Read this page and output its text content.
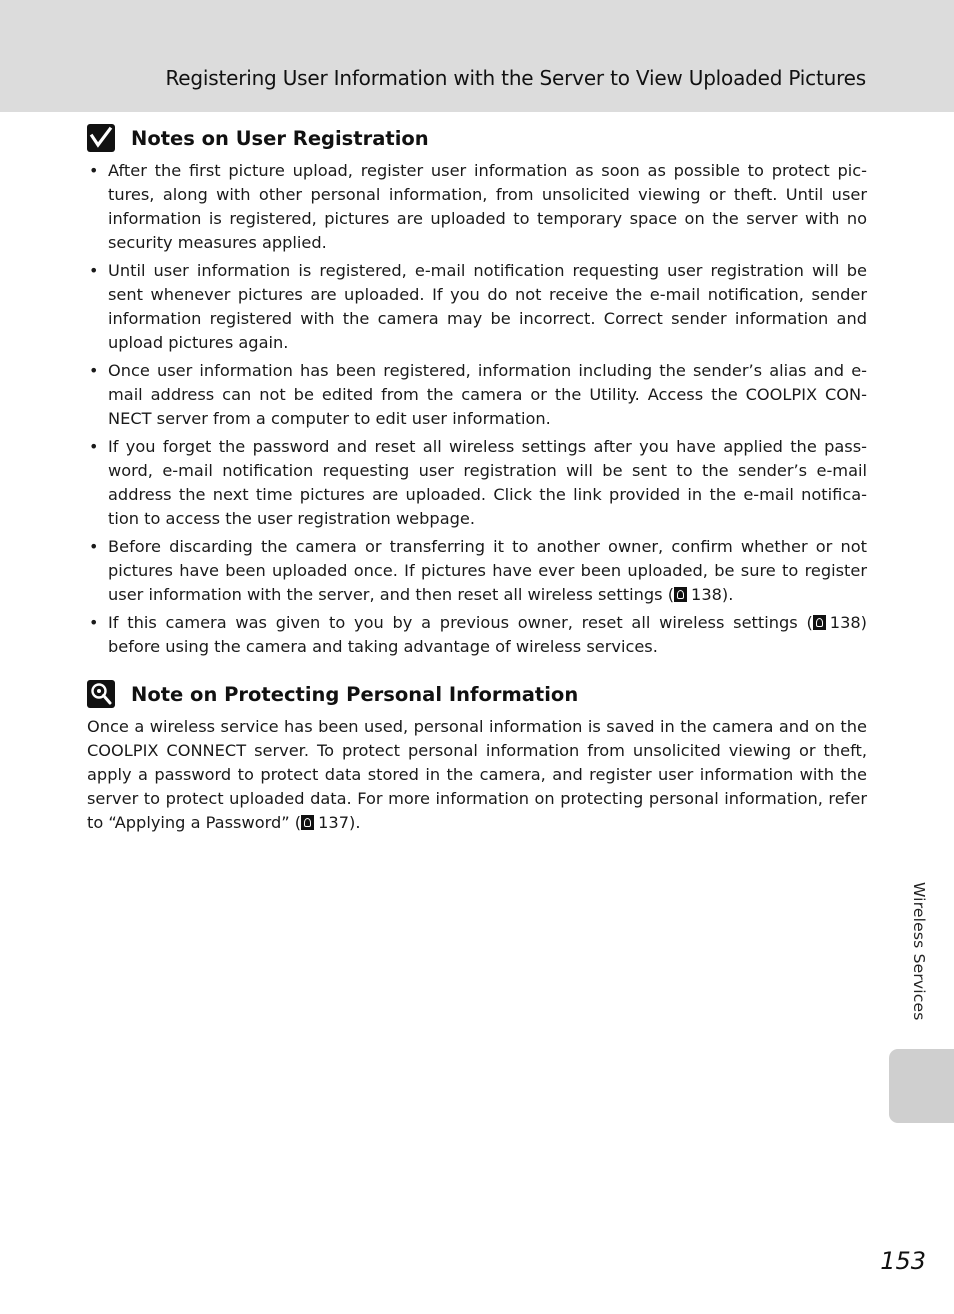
Registering User Information with the Server to View Uploaded Pictures
Notes on User Registration
• After the first picture upload, register user information as soon as possible to protect pic-tures, along with other personal information, from unsolicited viewing or theft. Until user information is registered, pictures are uploaded to temporary space on the server with no security measures applied.
• Until user information is registered, e-mail notification requesting user registration will be sent whenever pictures are uploaded. If you do not receive the e-mail notification, sender information registered with the camera may be incorrect. Correct sender information and upload pictures again.
• Once user information has been registered, information including the sender’s alias and e-mail address can not be edited from the camera or the Utility. Access the COOLPIX CON-NECT server from a computer to edit user information.
• If you forget the password and reset all wireless settings after you have applied the pass-word, e-mail notification requesting user registration will be sent to the sender’s e-mail address the next time pictures are uploaded. Click the link provided in the e-mail notifica-tion to access the user registration webpage.
• Before discarding the camera or transferring it to another owner, confirm whether or not pictures have been uploaded once. If pictures have ever been uploaded, be sure to register user information with the server, and then reset all wireless settings ( 138).
• If this camera was given to you by a previous owner, reset all wireless settings ( 138) before using the camera and taking advantage of wireless services.
Note on Protecting Personal Information

Once a wireless service has been used, personal information is saved in the camera and on the COOLPIX CONNECT server. To protect personal information from unsolicited viewing or theft, apply a password to protect data stored in the camera, and register user information with the server to protect uploaded data. For more information on protecting personal information, refer to “Applying a Password” ( 137).

Wireless Services
153
